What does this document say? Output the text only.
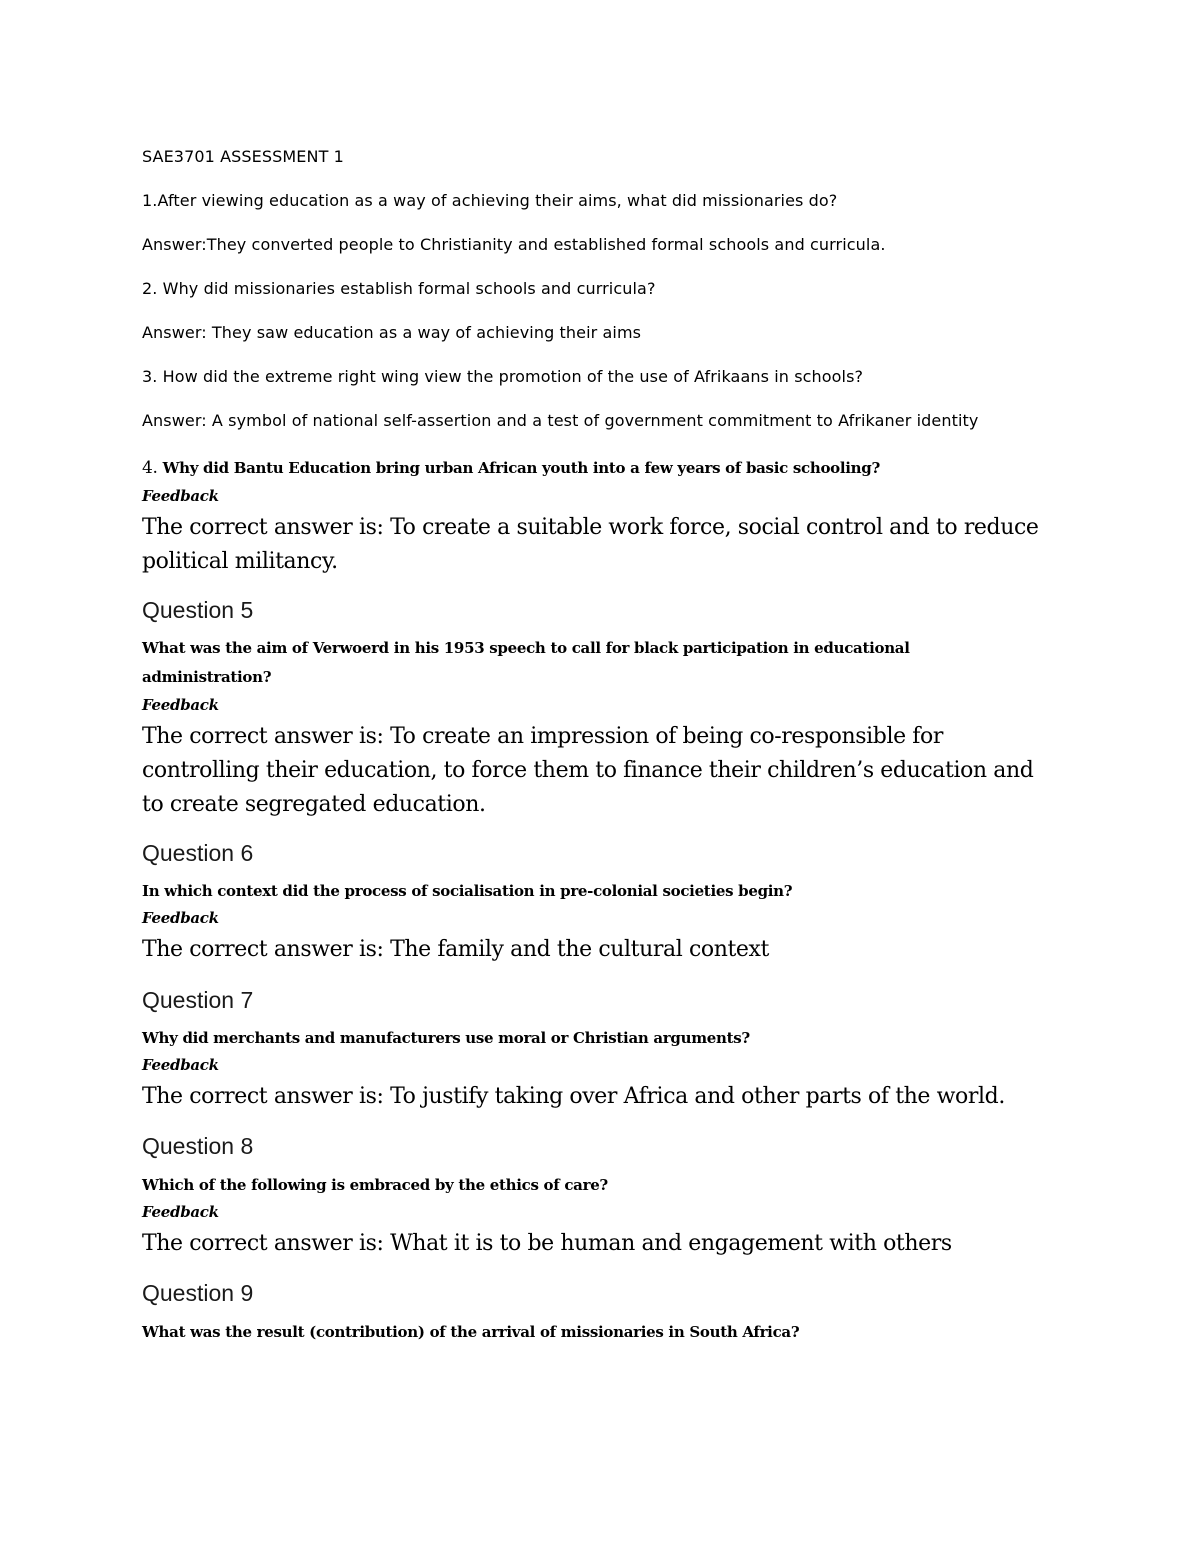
SAE3701 ASSESSMENT 1
1.After viewing education as a way of achieving their aims, what did missionaries do?
Answer:They converted people to Christianity and established formal schools and curricula.
2. Why did missionaries establish formal schools and curricula?
Answer: They saw education as a way of achieving their aims
3. How did the extreme right wing view the promotion of the use of Afrikaans in schools?
Answer: A symbol of national self-assertion and a test of government commitment to Afrikaner identity
4. Why did Bantu Education bring urban African youth into a few years of basic schooling?
Feedback
The correct answer is: To create a suitable work force, social control and to reduce political militancy.
Question 5
What was the aim of Verwoerd in his 1953 speech to call for black participation in educational administration?
Feedback
The correct answer is: To create an impression of being co-responsible for controlling their education, to force them to finance their children’s education and to create segregated education.
Question 6
In which context did the process of socialisation in pre-colonial societies begin?
Feedback
The correct answer is: The family and the cultural context
Question 7
Why did merchants and manufacturers use moral or Christian arguments?
Feedback
The correct answer is: To justify taking over Africa and other parts of the world.
Question 8
Which of the following is embraced by the ethics of care?
Feedback
The correct answer is: What it is to be human and engagement with others
Question 9
What was the result (contribution) of the arrival of missionaries in South Africa?
